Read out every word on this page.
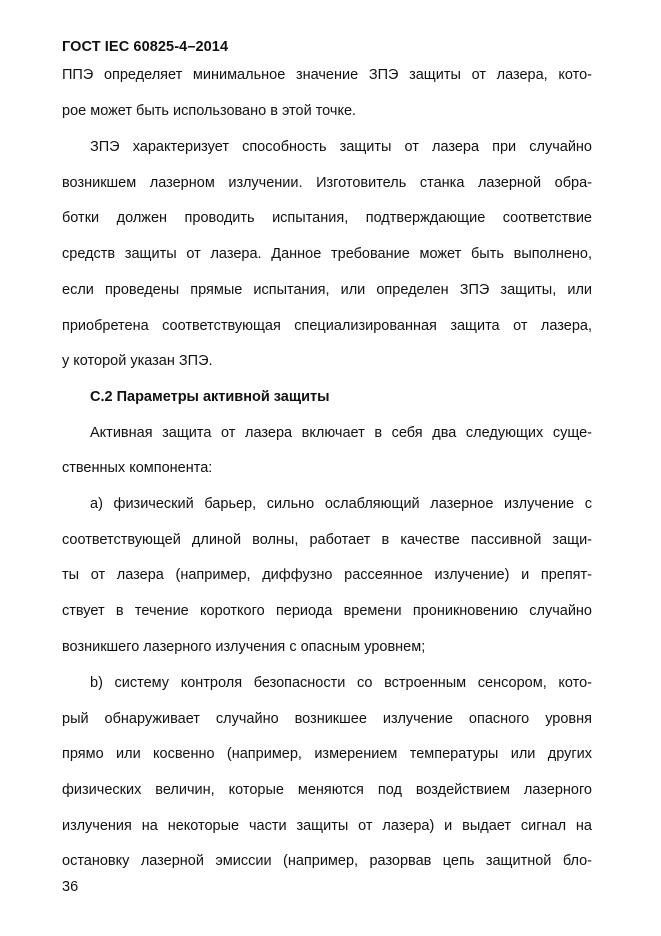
ГОСТ IEC 60825-4–2014
ППЭ определяет минимальное значение ЗПЭ защиты от лазера, кото-
рое может быть использовано в этой точке.
ЗПЭ характеризует способность защиты от лазера при случайно
возникшем лазерном излучении. Изготовитель станка лазерной обра-
ботки должен проводить испытания, подтверждающие соответствие
средств защиты от лазера. Данное требование может быть выполнено,
если проведены прямые испытания, или определен ЗПЭ защиты, или
приобретена соответствующая специализированная защита от лазера,
у которой указан ЗПЭ.
C.2 Параметры активной защиты
Активная защита от лазера включает в себя два следующих суще-
ственных компонента:
a) физический барьер, сильно ослабляющий лазерное излучение с
соответствующей длиной волны, работает в качестве пассивной защи-
ты от лазера (например, диффузно рассеянное излучение) и препят-
ствует в течение короткого периода времени проникновению случайно
возникшего лазерного излучения с опасным уровнем;
b) систему контроля безопасности со встроенным сенсором, кото-
рый обнаруживает случайно возникшее излучение опасного уровня
прямо или косвенно (например, измерением температуры или других
физических величин, которые меняются под воздействием лазерного
излучения на некоторые части защиты от лазера) и выдает сигнал на
остановку лазерной эмиссии (например, разорвав цепь защитной бло-
36
